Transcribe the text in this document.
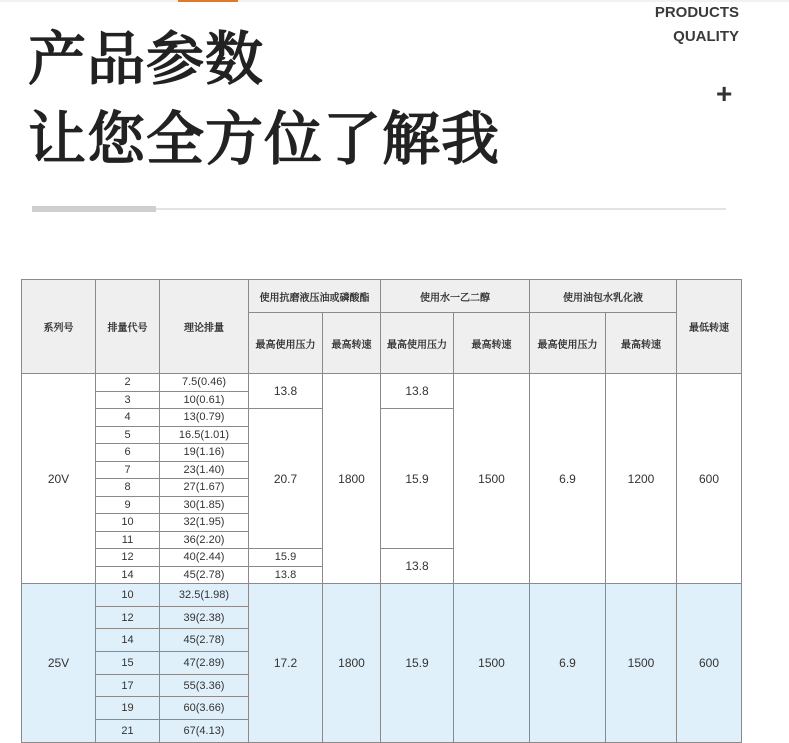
产品参数
让您全方位了解我
PRODUCTS
QUALITY
+
系列号	排量代号	理论排量	使用抗磨液压油或磷酸酯		使用水一乙二醇		使用油包水乳化液		最低转速
			最高使用压力	最高转速	最高使用压力	最高转速	最高使用压力	最高转速	
20V	2	7.5(0.46)	13.8	1800	13.8	1500	6.9	1200	600
	3	10(0.61)							
	4	13(0.79)	20.7		15.9				
	5	16.5(1.01)							
	6	19(1.16)							
	7	23(1.40)							
	8	27(1.67)							
	9	30(1.85)							
	10	32(1.95)							
	11	36(2.20)							
	12	40(2.44)	15.9		13.8				
	14	45(2.78)	13.8						
25V	10	32.5(1.98)	17.2	1800	15.9	1500	6.9	1500	600
	12	39(2.38)							
	14	45(2.78)							
	15	47(2.89)							
	17	55(3.36)							
	19	60(3.66)							
	21	67(4.13)							
